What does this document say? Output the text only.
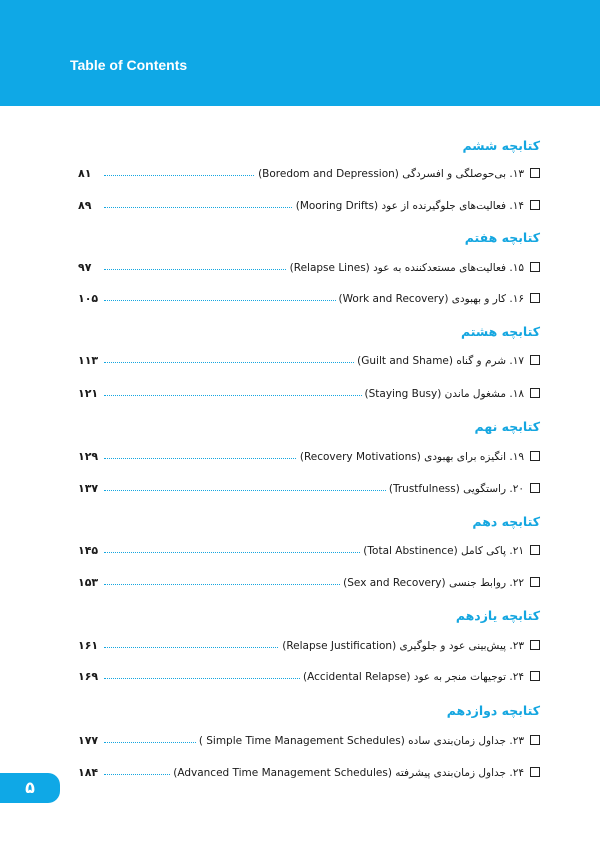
Table of Contents
کتابچه ششم
۸۱	۱۳. بی‌حوصلگی و افسردگی (Boredom and Depression)
۸۹	۱۴. فعالیت‌های جلوگیرنده از عود (Mooring Drifts)
کتابچه هفتم
۹۷	۱۵. فعالیت‌های مستعدکننده به عود (Relapse Lines)
۱۰۵	۱۶. کار و بهبودی (Work and Recovery)
کتابچه هشتم
۱۱۳	۱۷. شرم و گناه (Guilt and Shame)
۱۲۱	۱۸. مشغول ماندن (Staying Busy)
کتابچه نهم
۱۲۹	۱۹. انگیزه برای بهبودی (Recovery Motivations)
۱۳۷	۲۰. راستگویی (Trustfulness)
کتابچه دهم
۱۴۵	۲۱. پاکی کامل (Total Abstinence)
۱۵۳	۲۲. روابط جنسی (Sex and Recovery)
کتابچه یازدهم
۱۶۱	۲۳. پیش‌بینی عود و جلوگیری (Relapse Justification)
۱۶۹	۲۴. توجیهات منجر به عود (Accidental Relapse)
کتابچه دوازدهم
۱۷۷	۲۳. جداول زمان‌بندی ساده (Simple Time Management Schedules )
۱۸۴	۲۴. جداول زمان‌بندی پیشرفته (Advanced Time Management Schedules)
۵
